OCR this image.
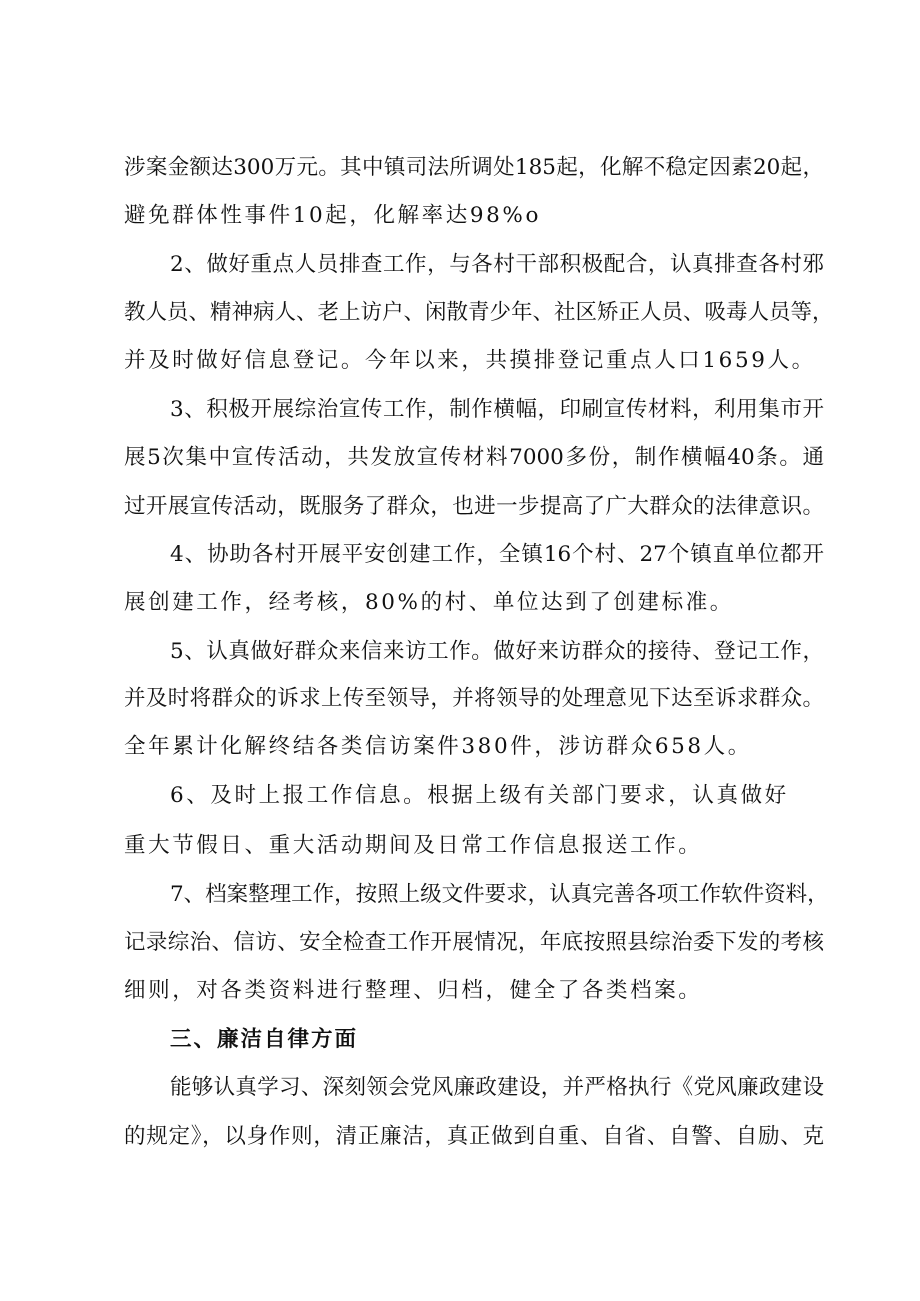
涉案金额达300万元。其中镇司法所调处185起，化解不稳定因素20起，
避免群体性事件10起，化解率达98%o
2、做好重点人员排查工作，与各村干部积极配合，认真排查各村邪
教人员、精神病人、老上访户、闲散青少年、社区矫正人员、吸毒人员等，
并及时做好信息登记。今年以来，共摸排登记重点人口1659人。
3、积极开展综治宣传工作，制作横幅，印刷宣传材料，利用集市开
展5次集中宣传活动，共发放宣传材料7000多份，制作横幅40条。通
过开展宣传活动，既服务了群众，也进一步提高了广大群众的法律意识。
4、协助各村开展平安创建工作，全镇16个村、27个镇直单位都开
展创建工作，经考核，80%的村、单位达到了创建标准。
5、认真做好群众来信来访工作。做好来访群众的接待、登记工作，
并及时将群众的诉求上传至领导，并将领导的处理意见下达至诉求群众。
全年累计化解终结各类信访案件380件，涉访群众658人。
6、及时上报工作信息。根据上级有关部门要求，认真做好
重大节假日、重大活动期间及日常工作信息报送工作。
7、档案整理工作，按照上级文件要求，认真完善各项工作软件资料，
记录综治、信访、安全检查工作开展情况，年底按照县综治委下发的考核
细则，对各类资料进行整理、归档，健全了各类档案。
三、廉洁自律方面
能够认真学习、深刻领会党风廉政建设，并严格执行《党风廉政建设
的规定》，以身作则，清正廉洁，真正做到自重、自省、自警、自励、克
